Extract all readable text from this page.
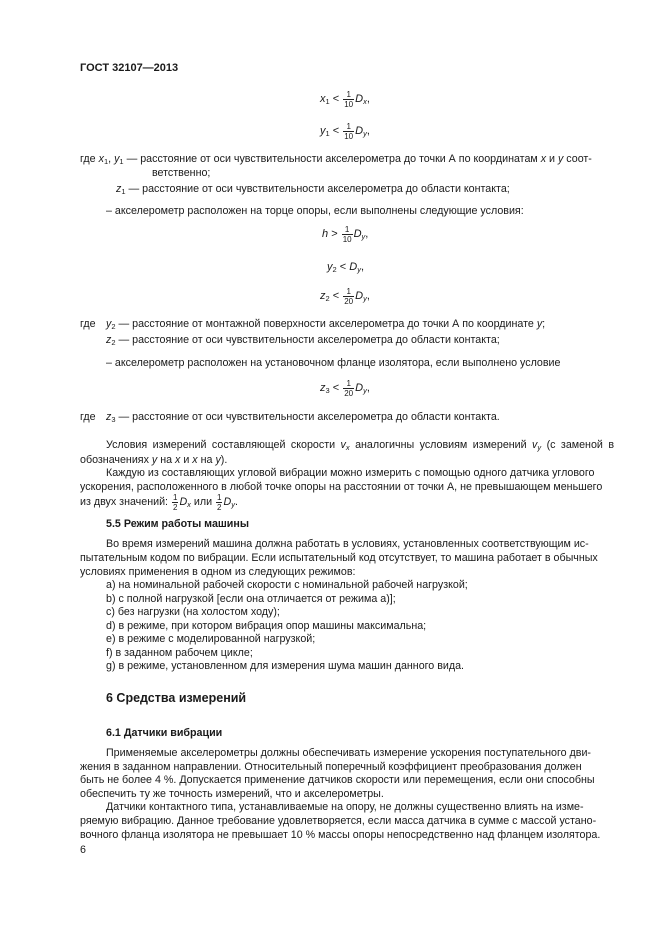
ГОСТ 32107—2013
$x_1 < \frac{1}{10} D_x$,
$y_1 < \frac{1}{10} D_y$,
где $x_1$, $y_1$ — расстояние от оси чувствительности акселерометра до точки А по координатам x и y соот-
ветственно;
$z_1$ — расстояние от оси чувствительности акселерометра до области контакта;
– акселерометр расположен на торце опоры, если выполнены следующие условия:
$h > \frac{1}{10} D_y$,
$y_2 < D_y$,
$z_2 < \frac{1}{20} D_y$,
где $y_2$ — расстояние от монтажной поверхности акселерометра до точки А по координате y;
$z_2$ — расстояние от оси чувствительности акселерометра до области контакта;
– акселерометр расположен на установочном фланце изолятора, если выполнено условие
$z_3 < \frac{1}{20} D_y$,
где $z_3$ — расстояние от оси чувствительности акселерометра до области контакта.
Условия измерений составляющей скорости $v_x$ аналогичны условиям измерений $v_y$ (с заменой в
обозначениях y на x и x на y).
Каждую из составляющих угловой вибрации можно измерить с помощью одного датчика углового
ускорения, расположенного в любой точке опоры на расстоянии от точки А, не превышающем меньшего
из двух значений: $\frac{1}{2} D_x$ или $\frac{1}{2} D_y$.
5.5 Режим работы машины
Во время измерений машина должна работать в условиях, установленных соответствующим ис-
пытательным кодом по вибрации. Если испытательный код отсутствует, то машина работает в обычных
условиях применения в одном из следующих режимов:
a) на номинальной рабочей скорости с номинальной рабочей нагрузкой;
b) с полной нагрузкой [если она отличается от режима a)];
c) без нагрузки (на холостом ходу);
d) в режиме, при котором вибрация опор машины максимальна;
e) в режиме с моделированной нагрузкой;
f) в заданном рабочем цикле;
g) в режиме, установленном для измерения шума машин данного вида.
6 Средства измерений
6.1 Датчики вибрации
Применяемые акселерометры должны обеспечивать измерение ускорения поступательного дви-
жения в заданном направлении. Относительный поперечный коэффициент преобразования должен
быть не более 4 %. Допускается применение датчиков скорости или перемещения, если они способны
обеспечить ту же точность измерений, что и акселерометры.
Датчики контактного типа, устанавливаемые на опору, не должны существенно влиять на изме-
ряемую вибрацию. Данное требование удовлетворяется, если масса датчика в сумме с массой устано-
вочного фланца изолятора не превышает 10 % массы опоры непосредственно над фланцем изолятора.
6
